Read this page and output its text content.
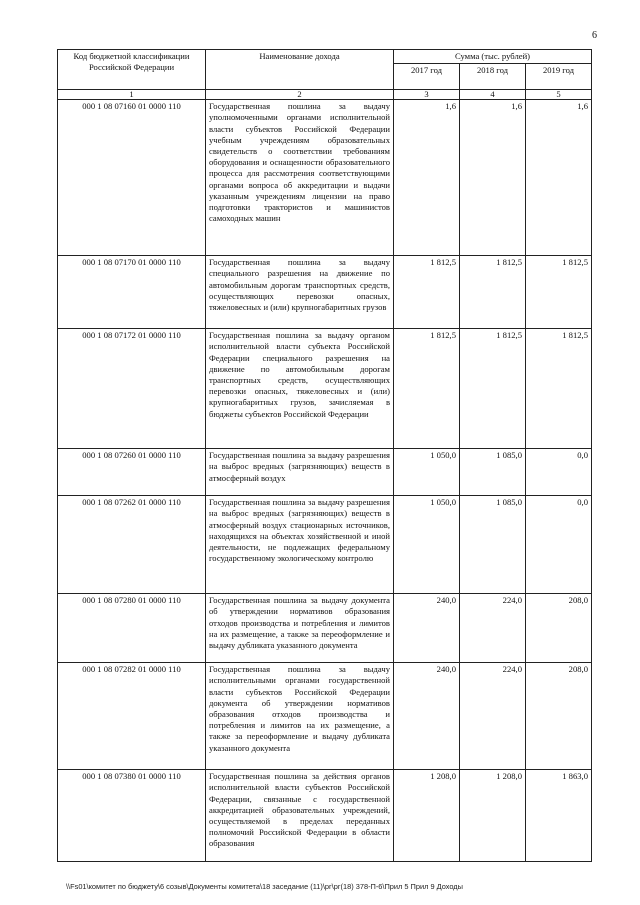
6
Код бюджетной классификации Российской Федерации	Наименование дохода	Сумма (тыс. рублей)		
		2017 год	2018 год	2019 год
1	2	3	4	5
000 1 08 07160 01 0000 110	Государственная пошлина за выдачу уполномоченными органами исполнительной власти субъектов Российской Федерации учебным учреждениям образовательных свидетельств о соответствии требованиям оборудования и оснащенности образовательного процесса для рассмотрения соответствующими органами вопроса об аккредитации и выдачи указанным учреждениям лицензии на право подготовки трактористов и машинистов самоходных машин	1,6	1,6	1,6
000 1 08 07170 01 0000 110	Государственная пошлина за выдачу специального разрешения на движение по автомобильным дорогам транспортных средств, осуществляющих перевозки опасных, тяжеловесных и (или) крупногабаритных грузов	1 812,5	1 812,5	1 812,5
000 1 08 07172 01 0000 110	Государственная пошлина за выдачу органом исполнительной власти субъекта Российской Федерации специального разрешения на движение по автомобильным дорогам транспортных средств, осуществляющих перевозки опасных, тяжеловесных и (или) крупногабаритных грузов, зачисляемая в бюджеты субъектов Российской Федерации	1 812,5	1 812,5	1 812,5
000 1 08 07260 01 0000 110	Государственная пошлина за выдачу разрешения на выброс вредных (загрязняющих) веществ в атмосферный воздух	1 050,0	1 085,0	0,0
000 1 08 07262 01 0000 110	Государственная пошлина за выдачу разрешения на выброс вредных (загрязняющих) веществ в атмосферный воздух стационарных источников, находящихся на объектах хозяйственной и иной деятельности, не подлежащих федеральному государственному экологическому контролю	1 050,0	1 085,0	0,0
000 1 08 07280 01 0000 110	Государственная пошлина за выдачу документа об утверждении нормативов образования отходов производства и потребления и лимитов на их размещение, а также за переоформление и выдачу дубликата указанного документа	240,0	224,0	208,0
000 1 08 07282 01 0000 110	Государственная пошлина за выдачу исполнительными органами государственной власти субъектов Российской Федерации документа об утверждении нормативов образования отходов производства и потребления и лимитов на их размещение, а также за переоформление и выдачу дубликата указанного документа	240,0	224,0	208,0
000 1 08 07380 01 0000 110	Государственная пошлина за действия органов исполнительной власти субъектов Российской Федерации, связанные с государственной аккредитацией образовательных учреждений, осуществляемой в пределах переданных полномочий Российской Федерации в области образования	1 208,0	1 208,0	1 863,0
\\Fs01\комитет по бюджету\6 созыв\Документы комитета\18 заседание (11)\рг\рг(18) 378-П-6\Прил 5 Прил 9 Доходы
